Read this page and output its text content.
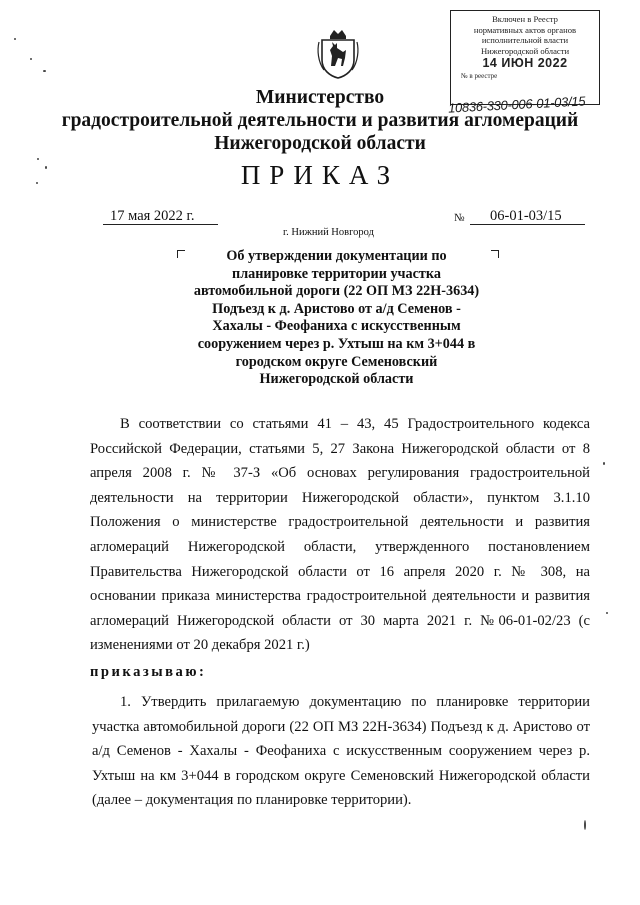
Включен в Реестр
нормативных актов органов
исполнительной власти
Нижегородской области
14 ИЮН 2022
№ в реестре
10836-330-006-01-03/15
Министерство
градостроительной деятельности и развития агломераций
Нижегородской области
ПРИКАЗ
17 мая 2022 г.
г. Нижний Новгород
№ 06-01-03/15
Об утверждении документации по
планировке территории участка
автомобильной дороги (22 ОП МЗ 22Н-3634)
Подъезд к д. Аристово от а/д Семенов -
Хахалы - Феофаниха с искусственным
сооружением через р. Ухтыш на км 3+044 в
городском округе Семеновский
Нижегородской области

В соответствии со статьями 41 – 43, 45 Градостроительного кодекса Российской Федерации, статьями 5, 27 Закона Нижегородской области от 8 апреля 2008 г. № 37-З «Об основах регулирования градостроительной деятельности на территории Нижегородской области», пунктом 3.1.10 Положения о министерстве градостроительной деятельности и развития агломераций Нижегородской области, утвержденного постановлением Правительства Нижегородской области от 16 апреля 2020 г. № 308, на основании приказа министерства градостроительной деятельности и развития агломераций Нижегородской области от 30 марта 2021 г. №06-01-02/23 (с изменениями от 20 декабря 2021 г.)

приказываю:

1. Утвердить прилагаемую документацию по планировке территории участка автомобильной дороги (22 ОП МЗ 22Н-3634) Подъезд к д. Аристово от а/д Семенов - Хахалы - Феофаниха с искусственным сооружением через р. Ухтыш на км 3+044 в городском округе Семеновский Нижегородской области (далее – документация по планировке территории).
